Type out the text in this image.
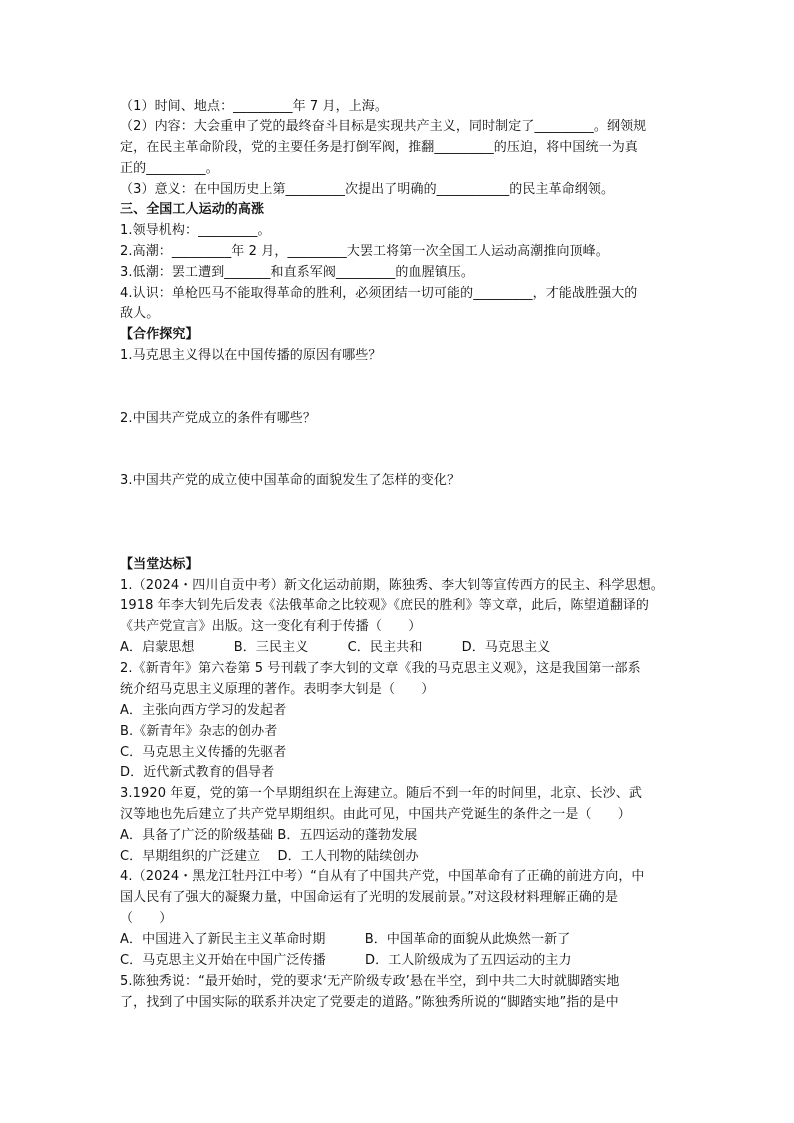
（1）时间、地点：_________年 7 月，上海。
（2）内容：大会重申了党的最终奋斗目标是实现共产主义，同时制定了_________。纲领规
定，在民主革命阶段，党的主要任务是打倒军阀，推翻_________的压迫，将中国统一为真
正的_________。
（3）意义：在中国历史上第_________次提出了明确的___________的民主革命纲领。
三、全国工人运动的高涨
1.领导机构：_________。
2.高潮：_________年 2 月，_________大罢工将第一次全国工人运动高潮推向顶峰。
3.低潮：罢工遭到_______和直系军阀_________的血腥镇压。
4.认识：单枪匹马不能取得革命的胜利，必须团结一切可能的_________，才能战胜强大的
敌人。
【合作探究】
1.马克思主义得以在中国传播的原因有哪些？
2.中国共产党成立的条件有哪些？
3.中国共产党的成立使中国革命的面貌发生了怎样的变化？
【当堂达标】
1.（2024・四川自贡中考）新文化运动前期，陈独秀、李大钊等宣传西方的民主、科学思想。
1918 年李大钊先后发表《法俄革命之比较观》《庶民的胜利》等文章，此后，陈望道翻译的
《共产党宣言》出版。这一变化有利于传播（　　）
A．启蒙思想　　　B．三民主义　　　C．民主共和　　　D．马克思主义
2.《新青年》第六卷第 5 号刊载了李大钊的文章《我的马克思主义观》，这是我国第一部系
统介绍马克思主义原理的著作。表明李大钊是（　　）
A．主张向西方学习的发起者
B.《新青年》杂志的创办者
C．马克思主义传播的先驱者
D．近代新式教育的倡导者
3.1920 年夏，党的第一个早期组织在上海建立。随后不到一年的时间里，北京、长沙、武
汉等地也先后建立了共产党早期组织。由此可见，中国共产党诞生的条件之一是（　　）
A．具备了广泛的阶级基础 B．五四运动的蓬勃发展
C．早期组织的广泛建立　 D．工人刊物的陆续创办
4.（2024・黑龙江牡丹江中考）“自从有了中国共产党，中国革命有了正确的前进方向，中
国人民有了强大的凝聚力量，中国命运有了光明的发展前景。”对这段材料理解正确的是
（　　）
A．中国进入了新民主主义革命时期　　　B．中国革命的面貌从此焕然一新了
C．马克思主义开始在中国广泛传播　　　D．工人阶级成为了五四运动的主力
5.陈独秀说：“最开始时，党的要求‘无产阶级专政’悬在半空，到中共二大时就脚踏实地
了，找到了中国实际的联系并决定了党要走的道路。”陈独秀所说的“脚踏实地”指的是中
